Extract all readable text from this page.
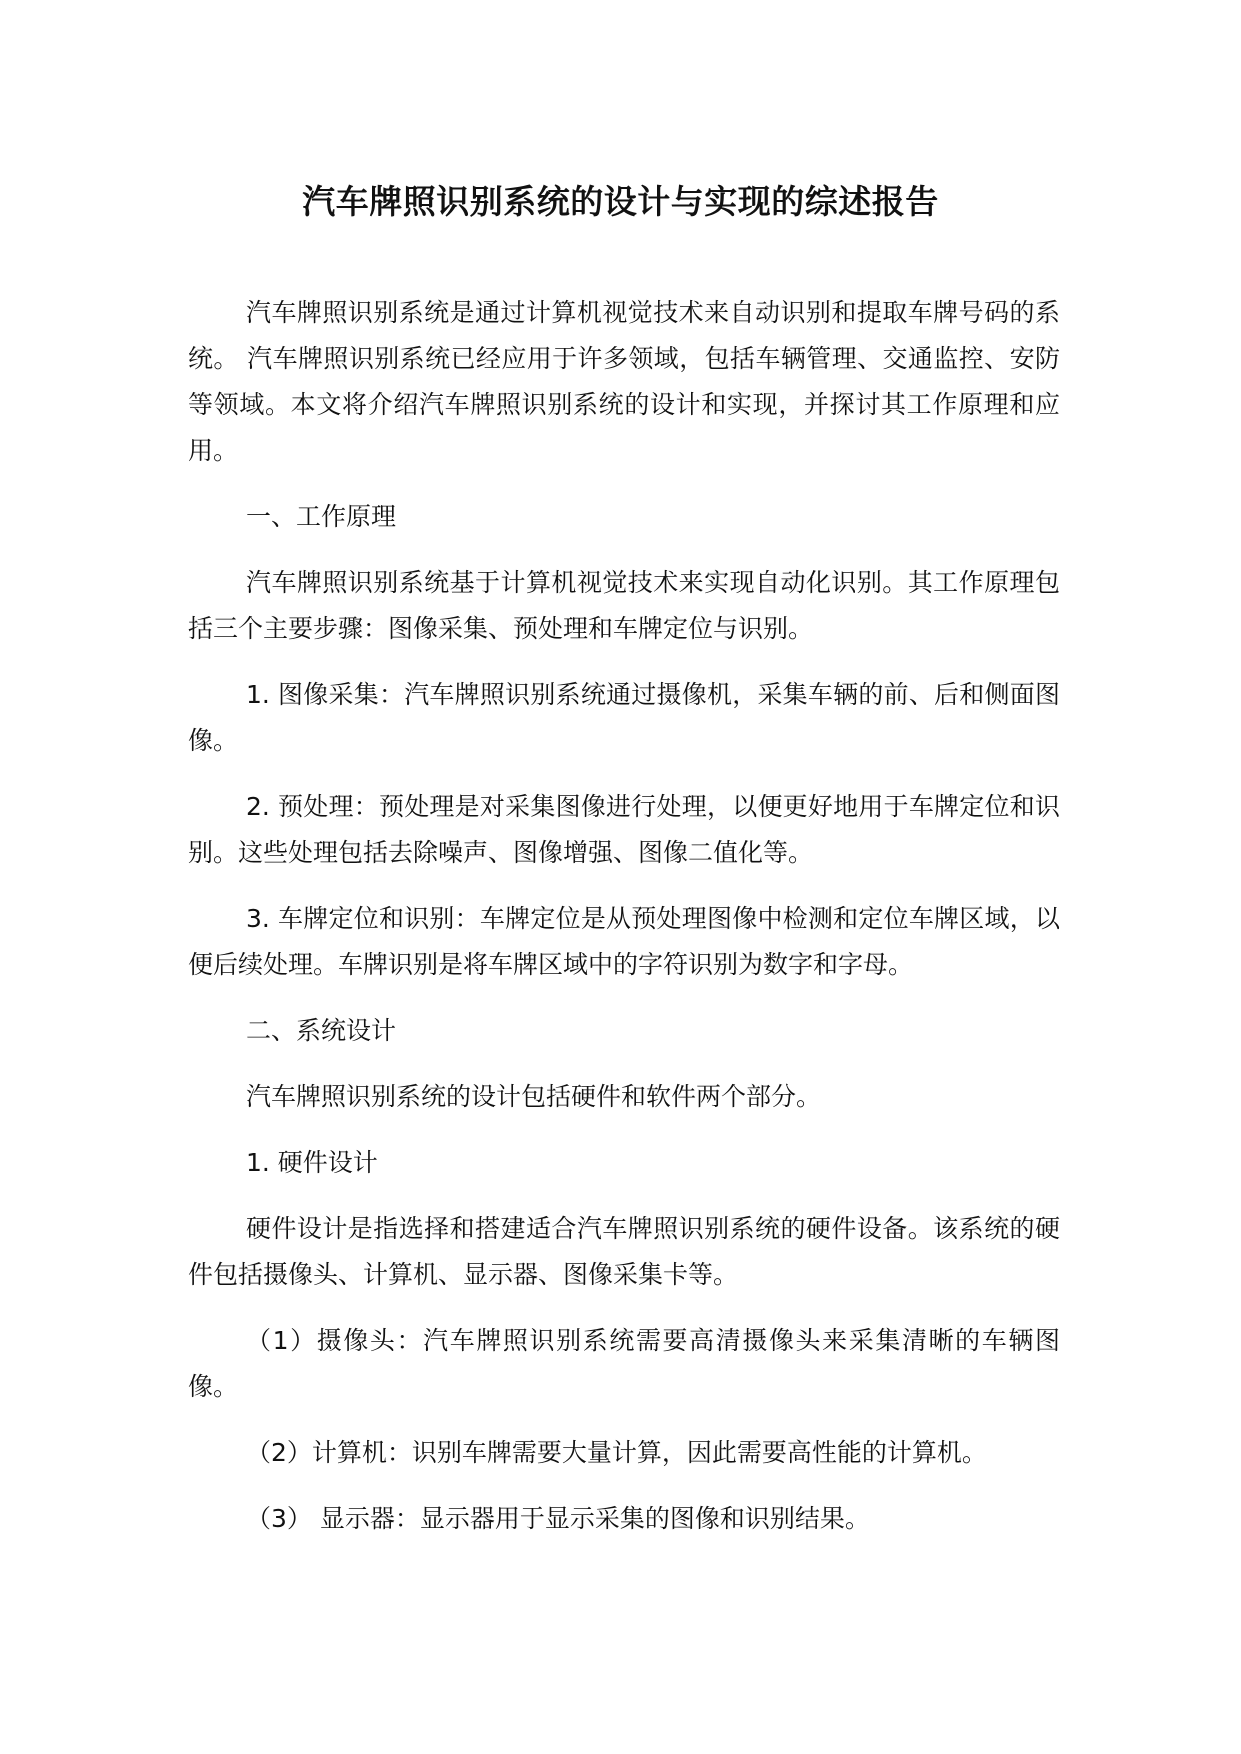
汽车牌照识别系统的设计与实现的综述报告

汽车牌照识别系统是通过计算机视觉技术来自动识别和提取车牌号码的系统。 汽车牌照识别系统已经应用于许多领域，包括车辆管理、交通监控、安防等领域。本文将介绍汽车牌照识别系统的设计和实现，并探讨其工作原理和应用。

一、工作原理

汽车牌照识别系统基于计算机视觉技术来实现自动化识别。其工作原理包括三个主要步骤：图像采集、预处理和车牌定位与识别。

1. 图像采集：汽车牌照识别系统通过摄像机，采集车辆的前、后和侧面图像。

2. 预处理：预处理是对采集图像进行处理，以便更好地用于车牌定位和识别。这些处理包括去除噪声、图像增强、图像二值化等。

3. 车牌定位和识别：车牌定位是从预处理图像中检测和定位车牌区域，以便后续处理。车牌识别是将车牌区域中的字符识别为数字和字母。

二、系统设计

汽车牌照识别系统的设计包括硬件和软件两个部分。

1. 硬件设计

硬件设计是指选择和搭建适合汽车牌照识别系统的硬件设备。该系统的硬件包括摄像头、计算机、显示器、图像采集卡等。

（1）摄像头：汽车牌照识别系统需要高清摄像头来采集清晰的车辆图像。

（2）计算机：识别车牌需要大量计算，因此需要高性能的计算机。

（3） 显示器：显示器用于显示采集的图像和识别结果。
